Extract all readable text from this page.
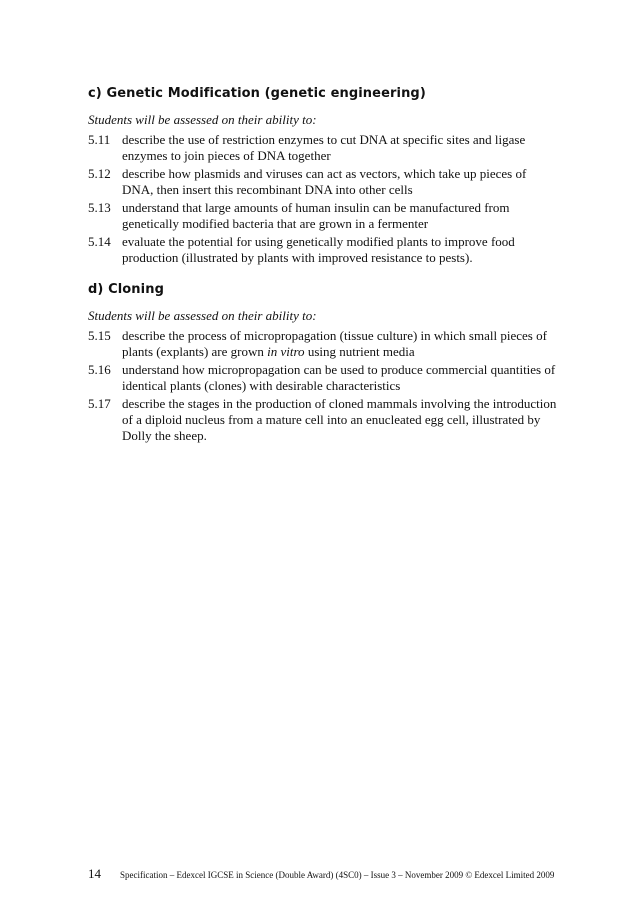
c) Genetic Modification (genetic engineering)

Students will be assessed on their ability to:

5.11 describe the use of restriction enzymes to cut DNA at specific sites and ligase enzymes to join pieces of DNA together
5.12 describe how plasmids and viruses can act as vectors, which take up pieces of DNA, then insert this recombinant DNA into other cells
5.13 understand that large amounts of human insulin can be manufactured from genetically modified bacteria that are grown in a fermenter
5.14 evaluate the potential for using genetically modified plants to improve food production (illustrated by plants with improved resistance to pests).
d) Cloning

Students will be assessed on their ability to:

5.15 describe the process of micropropagation (tissue culture) in which small pieces of plants (explants) are grown in vitro using nutrient media
5.16 understand how micropropagation can be used to produce commercial quantities of identical plants (clones) with desirable characteristics
5.17 describe the stages in the production of cloned mammals involving the introduction of a diploid nucleus from a mature cell into an enucleated egg cell, illustrated by Dolly the sheep.
14	Specification – Edexcel IGCSE in Science (Double Award) (4SC0) – Issue 3 – November 2009 © Edexcel Limited 2009
